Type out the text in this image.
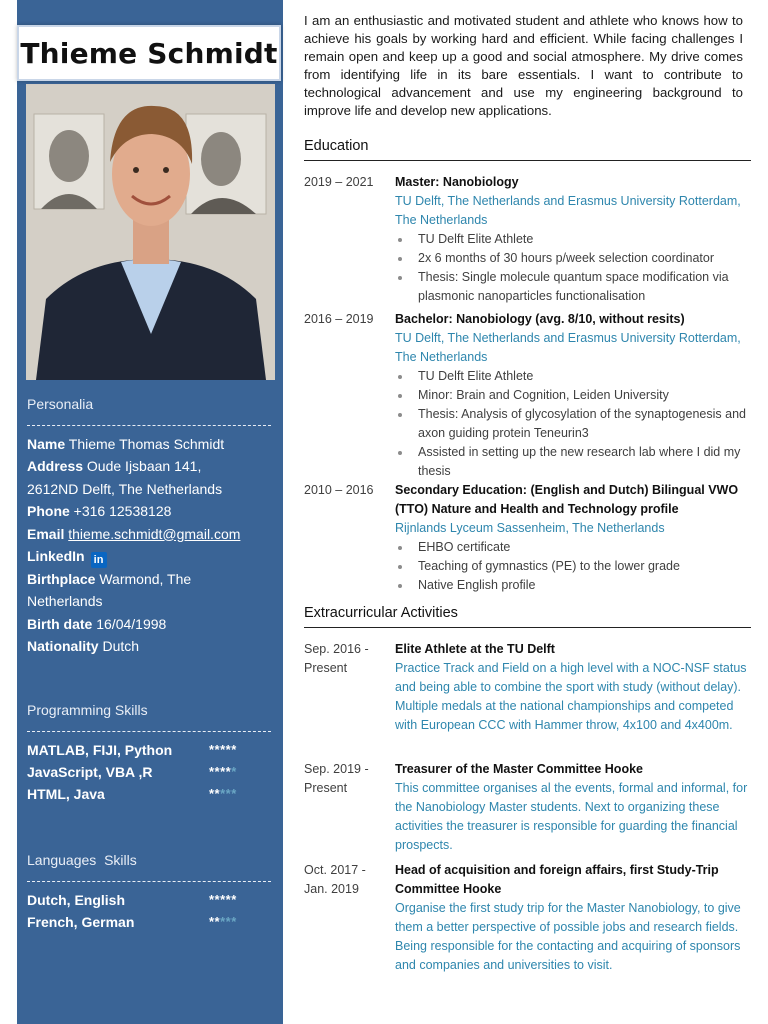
Thieme Schmidt
Personalia
Name Thieme Thomas Schmidt
Address Oude Ijsbaan 141,
2612ND Delft, The Netherlands
Phone +316 12538128
Email thieme.schmidt@gmail.com
LinkedIn in
Birthplace Warmond, The
Netherlands
Birth date 16/04/1998
Nationality Dutch
Programming Skills
MATLAB, FIJI, Python	*****
JavaScript, VBA ,R	*****
HTML, Java	*****
Languages  Skills
Dutch, English	*****
French, German	*****
I am an enthusiastic and motivated student and athlete who knows how to achieve his goals by working hard and efficient. While facing challenges I remain open and keep up a good and social atmosphere. My drive comes from identifying life in its bare essentials. I want to contribute to technological advancement and use my engineering background to improve life and develop new applications.
Education
2019 – 2021	Master: Nanobiology
TU Delft, The Netherlands and Erasmus University Rotterdam, The Netherlands
TU Delft Elite Athlete
2x 6 months of 30 hours p/week selection coordinator
Thesis: Single molecule quantum space modification via plasmonic nanoparticles functionalisation
2016 – 2019	Bachelor: Nanobiology (avg. 8/10, without resits)
TU Delft, The Netherlands and Erasmus University Rotterdam, The Netherlands
TU Delft Elite Athlete
Minor: Brain and Cognition, Leiden University
Thesis: Analysis of glycosylation of the synaptogenesis and axon guiding protein Teneurin3
Assisted in setting up the new research lab where I did my thesis
2010 – 2016	Secondary Education: (English and Dutch) Bilingual VWO (TTO) Nature and Health and Technology profile
Rijnlands Lyceum Sassenheim, The Netherlands
EHBO certificate
Teaching of gymnastics (PE) to the lower grade
Native English profile
Extracurricular Activities
Sep. 2016 -
Present
Elite Athlete at the TU Delft
Practice Track and Field on a high level with a NOC-NSF status and being able to combine the sport with study (without delay). Multiple medals at the national championships and competed with European CCC with Hammer throw, 4x100 and 4x400m.
Sep. 2019 -
Present
Treasurer of the Master Committee Hooke
This committee organises al the events, formal and informal, for the Nanobiology Master students. Next to organizing these activities the treasurer is responsible for guarding the financial prospects.
Oct. 2017 -
Jan. 2019
Head of acquisition and foreign affairs, first Study-Trip Committee Hooke
Organise the first study trip for the Master Nanobiology, to give them a better perspective of possible jobs and research fields. Being responsible for the contacting and acquiring of sponsors and companies and universities to visit.
